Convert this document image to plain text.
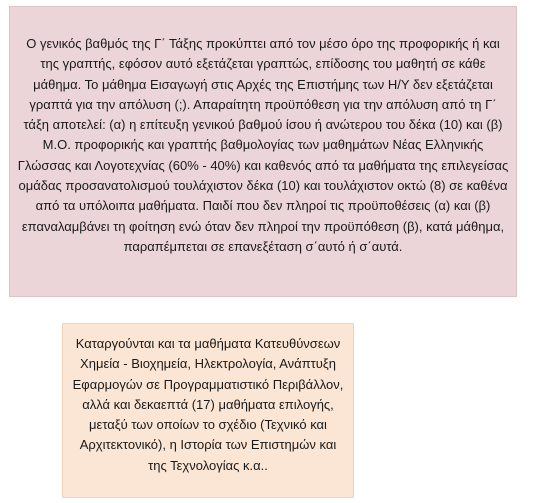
Ο γενικός βαθμός της Γ΄ Τάξης προκύπτει από τον μέσο όρο της προφορικής ή και της γραπτής, εφόσον αυτό εξετάζεται γραπτώς, επίδοσης του μαθητή σε κάθε μάθημα. Το μάθημα Εισαγωγή στις Αρχές της Επιστήμης των Η/Υ δεν εξετάζεται γραπτά για την απόλυση (;). Απαραίτητη προϋπόθεση για την απόλυση από τη Γ΄ τάξη αποτελεί: (α) η επίτευξη γενικού βαθμού ίσου ή ανώτερου του δέκα (10) και (β) Μ.Ο. προφορικής και γραπτής βαθμολογίας των μαθημάτων Νέας Ελληνικής Γλώσσας και Λογοτεχνίας (60% - 40%) και καθενός από τα μαθήματα της επιλεγείσας ομάδας προσανατολισμού τουλάχιστον δέκα (10) και τουλάχιστον οκτώ (8) σε καθένα από τα υπόλοιπα μαθήματα. Παιδί που δεν πληροί τις προϋποθέσεις (α) και (β) επαναλαμβάνει τη φοίτηση ενώ όταν δεν πληροί την προϋπόθεση (β), κατά μάθημα, παραπέμπεται σε επανεξέταση σ΄αυτό ή σ΄αυτά.

Καταργούνται και τα μαθήματα Κατευθύνσεων Χημεία - Βιοχημεία, Ηλεκτρολογία, Ανάπτυξη Εφαρμογών σε Προγραμματιστικό Περιβάλλον, αλλά και δεκαεπτά (17) μαθήματα επιλογής, μεταξύ των οποίων το σχέδιο (Τεχνικό και Αρχιτεκτονικό), η Ιστορία των Επιστημών και της Τεχνολογίας κ.α..
